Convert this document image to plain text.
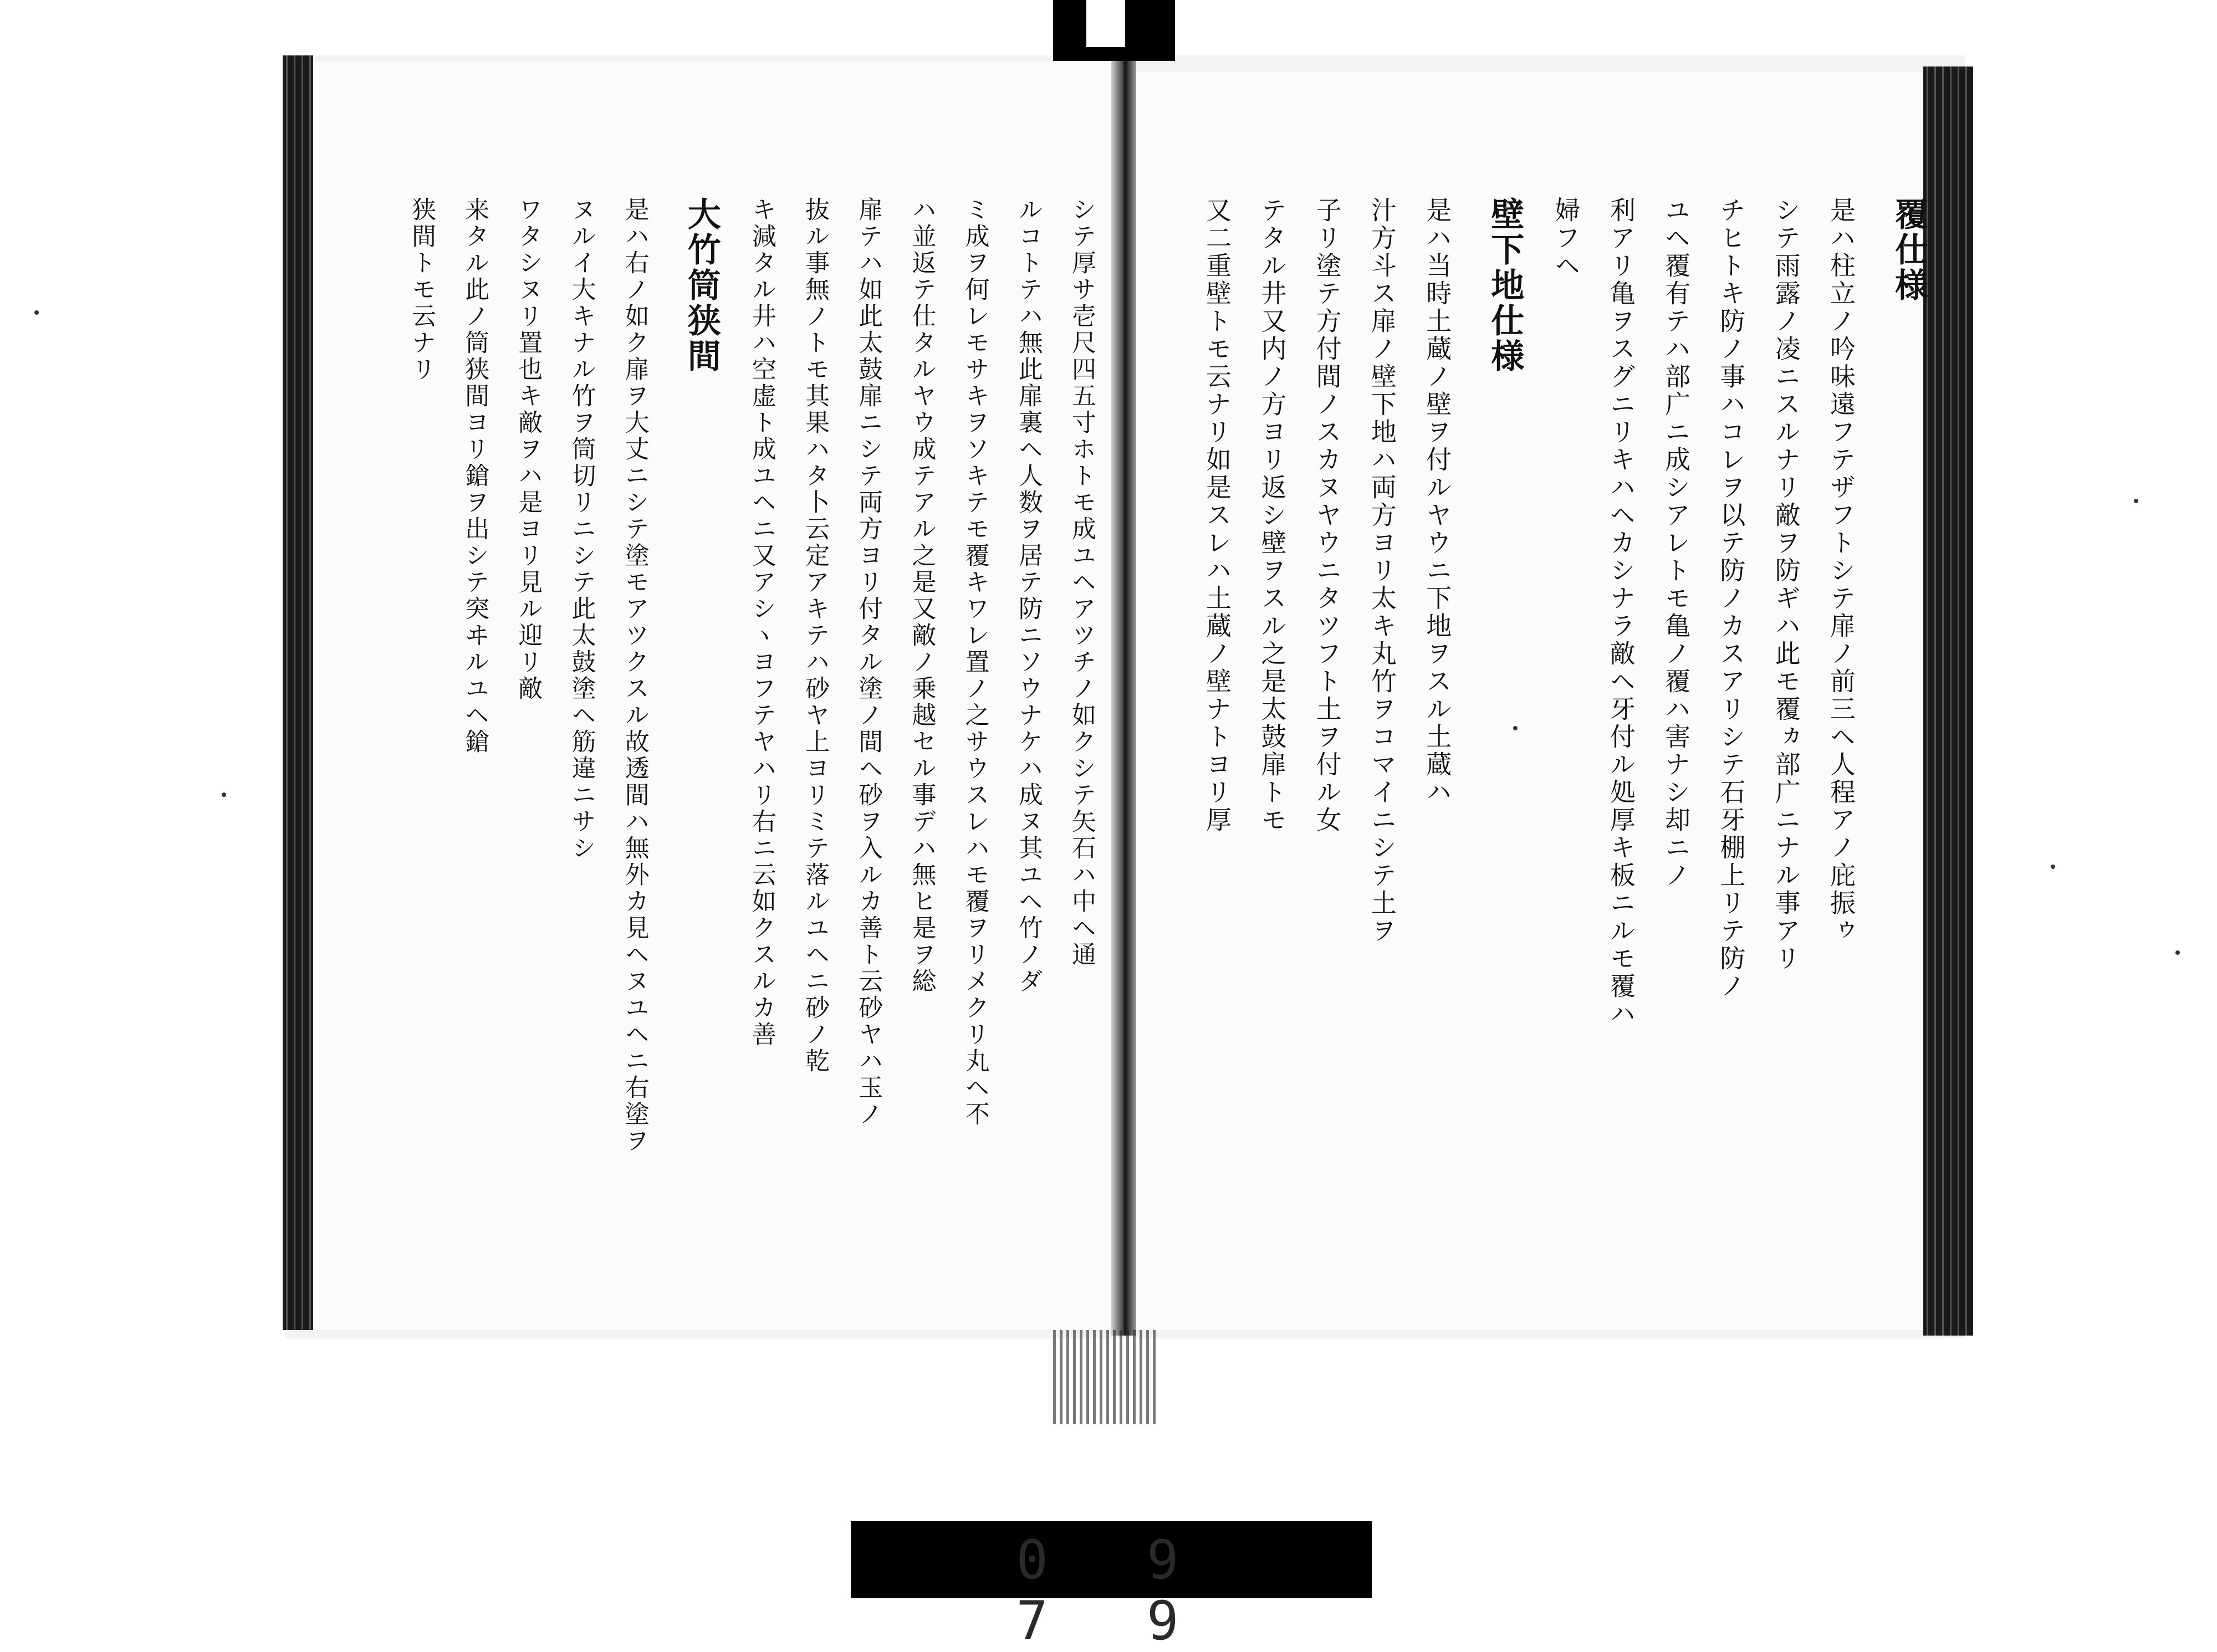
覆仕様
是ハ柱立ノ吟味遠フテザフトシテ扉ノ前三ヘ人程アノ庇振ゥ
シテ雨露ノ凌ニスルナリ敵ヲ防ギハ此モ覆ヵ部广ニナル事アリ
チヒトキ防ノ事ハコレヲ以テ防ノカスアリシテ石牙棚上リテ防ノ
ユヘ覆有テハ部广ニ成シアレトモ亀ノ覆ハ害ナシ却ニノ
利アリ亀ヲスグニリキハヘカシナラ敵ヘ牙付ル処厚キ板ニルモ覆ハ
婦フヘ
壁下地仕様
是ハ当時土蔵ノ壁ヲ付ルヤウニ下地ヲスル土蔵ハ
汁方斗ス扉ノ壁下地ハ両方ヨリ太キ丸竹ヲコマイニシテ土ヲ
子リ塗テ方付間ノスカヌヤウニタツフト土ヲ付ル女
テタル井又内ノ方ヨリ返シ壁ヲスル之是太鼓扉トモ
又二重壁トモ云ナリ如是スレハ土蔵ノ壁ナトヨリ厚
シテ厚サ壱尺四五寸ホトモ成ユヘアツチノ如クシテ矢石ハ中ヘ通
ルコトテハ無此扉裏ヘ人数ヲ居テ防ニソウナケハ成ヌ其ユヘ竹ノダ
ミ成ヲ何レモサキヲソキテモ覆キワレ置ノ之サウスレハモ覆ヲリメクリ丸ヘ不
ハ並返テ仕タルヤウ成テアル之是又敵ノ乗越セル事デハ無ヒ是ヲ総
扉テハ如此太鼓扉ニシテ両方ヨリ付タル塗ノ間ヘ砂ヲ入ルカ善ト云砂ヤハ玉ノ
抜ル事無ノトモ其果ハタ卜云定アキテハ砂ヤ上ヨリミテ落ルユヘニ砂ノ乾
キ減タル井ハ空虚ト成ユヘニ又アシヽヨフテヤハリ右ニ云如クスルカ善
大竹筒狭間
是ハ右ノ如ク扉ヲ大丈ニシテ塗モアツクスル故透間ハ無外カ見ヘヌユヘニ右塗ヲ
ヌルイ大キナル竹ヲ筒切リニシテ此太鼓塗ヘ筋違ニサシ
ワタシヌリ置也キ敵ヲハ是ヨリ見ル迎リ敵
来タル此ノ筒狭間ヨリ鎗ヲ出シテ突ヰルユヘ鎗
狭間トモ云ナリ
0 9 7 9
